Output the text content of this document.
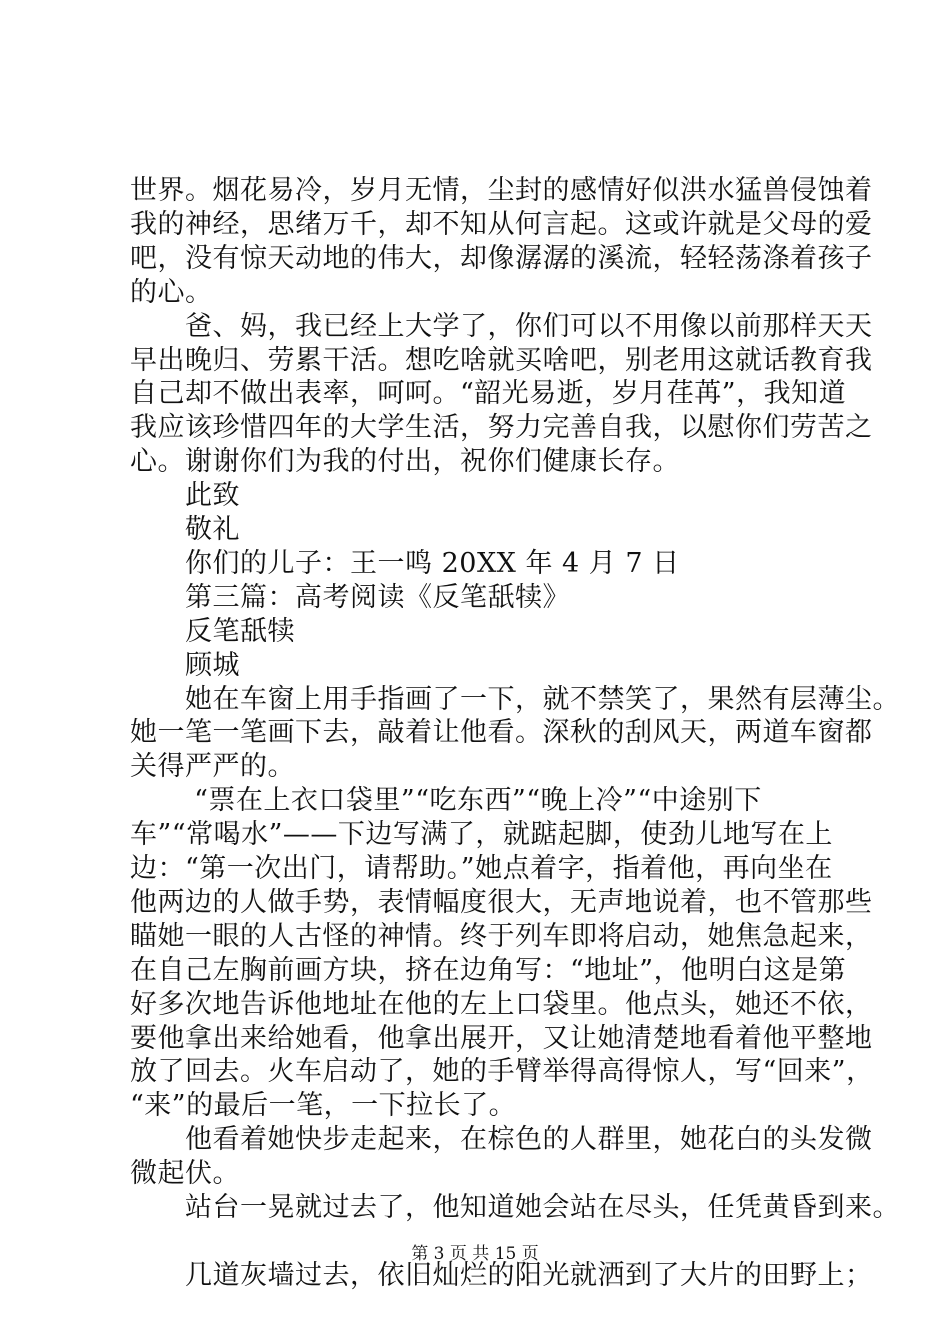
世界。烟花易冷，岁月无情，尘封的感情好似洪水猛兽侵蚀着
我的神经，思绪万千，却不知从何言起。这或许就是父母的爱
吧，没有惊天动地的伟大，却像潺潺的溪流，轻轻荡涤着孩子
的心。
　　爸、妈，我已经上大学了，你们可以不用像以前那样天天
早出晚归、劳累干活。想吃啥就买啥吧，别老用这就话教育我
自己却不做出表率，呵呵。“韶光易逝，岁月荏苒”，我知道
我应该珍惜四年的大学生活，努力完善自我，以慰你们劳苦之
心。谢谢你们为我的付出，祝你们健康长存。
　　此致
　　敬礼
　　你们的儿子：王一鸣 20XX 年 4 月 7 日
　　第三篇：高考阅读《反笔舐犊》
　　反笔舐犊
　　顾城
　　她在车窗上用手指画了一下，就不禁笑了，果然有层薄尘。
她一笔一笔画下去，敲着让他看。深秋的刮风天，两道车窗都
关得严严的。
　　 “票在上衣口袋里”“吃东西”“晚上冷”“中途别下
车”“常喝水”——下边写满了，就踮起脚，使劲儿地写在上
边：“第一次出门，请帮助。”她点着字，指着他，再向坐在
他两边的人做手势，表情幅度很大，无声地说着，也不管那些
瞄她一眼的人古怪的神情。终于列车即将启动，她焦急起来，
在自己左胸前画方块，挤在边角写：“地址”，他明白这是第
好多次地告诉他地址在他的左上口袋里。他点头，她还不依，
要他拿出来给她看，他拿出展开，又让她清楚地看着他平整地
放了回去。火车启动了，她的手臂举得高得惊人，写“回来”，
“来”的最后一笔，一下拉长了。
　　他看着她快步走起来，在棕色的人群里，她花白的头发微
微起伏。
　　站台一晃就过去了，他知道她会站在尽头，任凭黄昏到来。
　　几道灰墙过去，依旧灿烂的阳光就洒到了大片的田野上；
第 3 页 共 15 页
